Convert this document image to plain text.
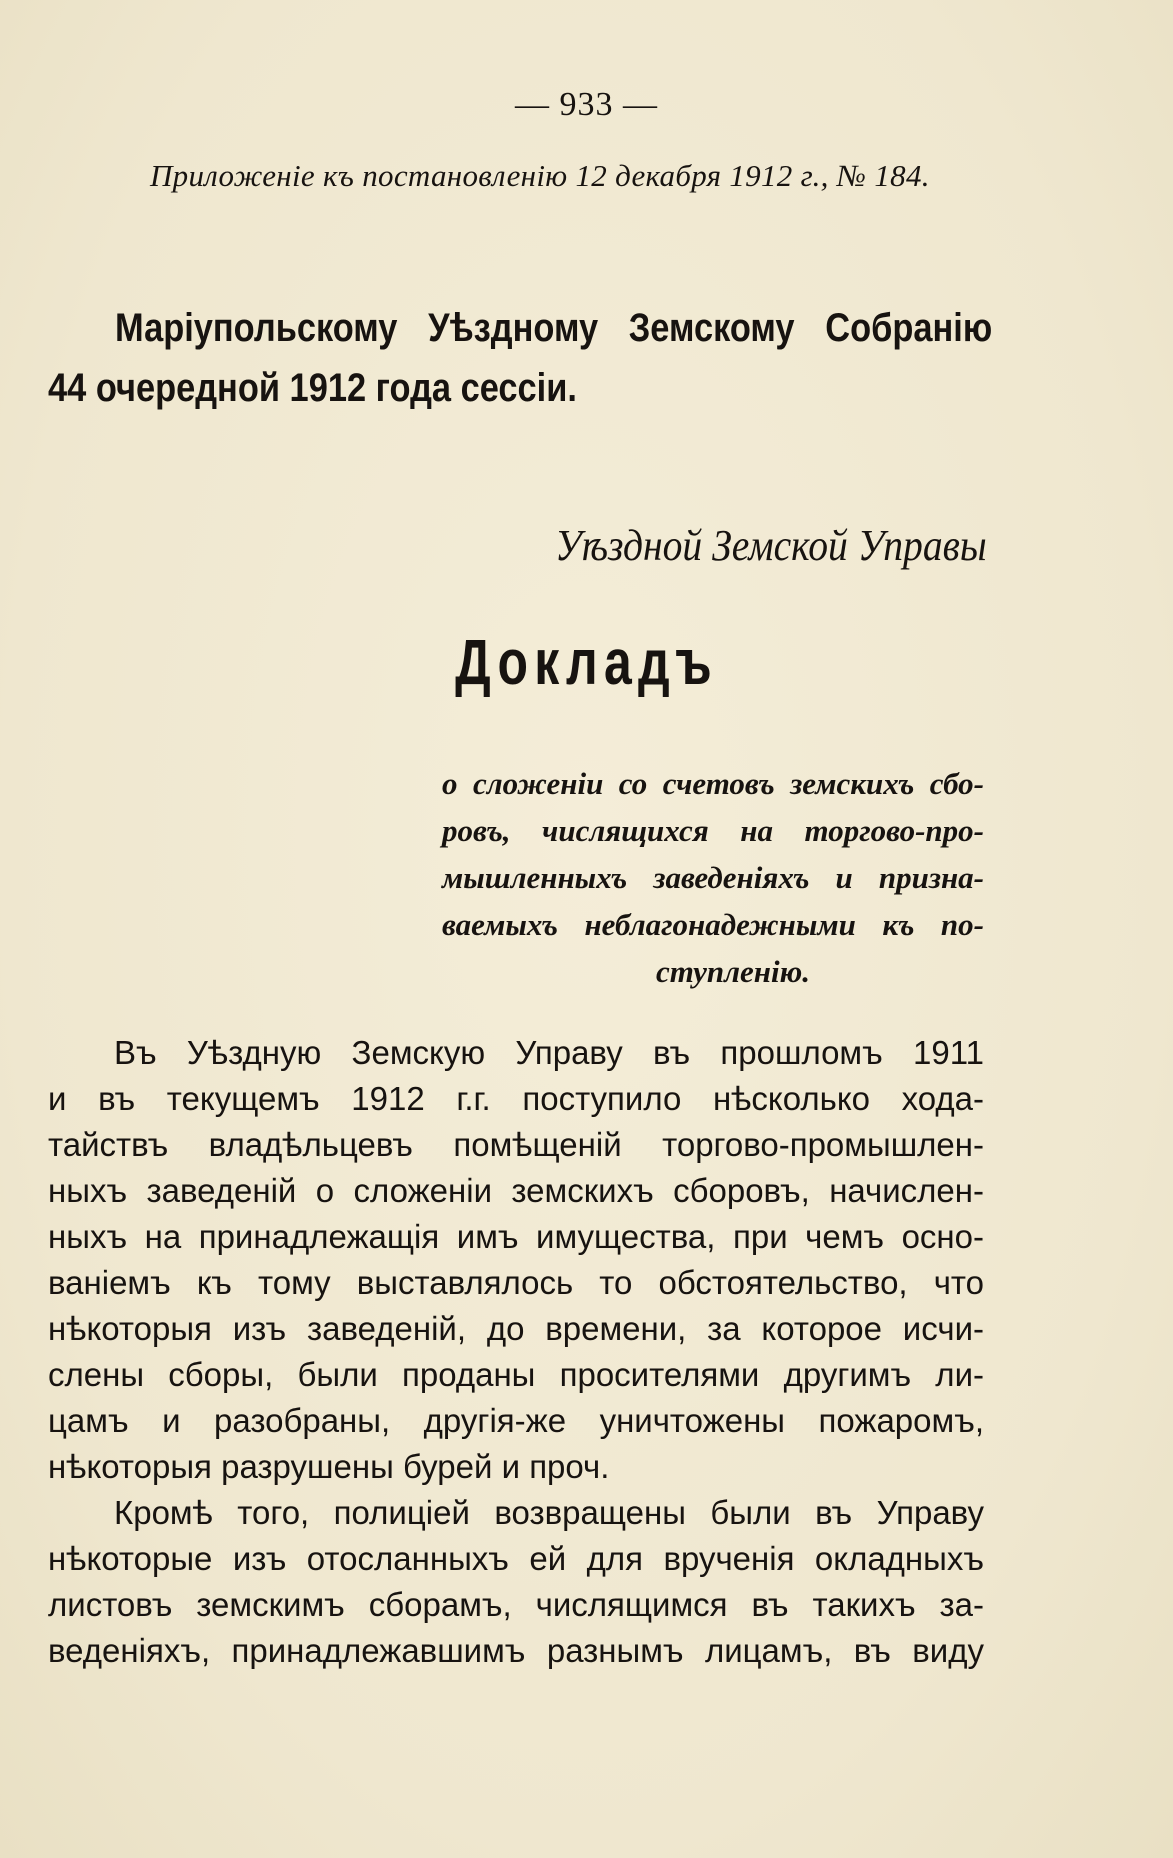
— 933 —
Приложеніе къ постановленію 12 декабря 1912 г., № 184.
Маріупольскому Уѣздному Земскому Собранію
44 очередной 1912 года сессіи.
Уѣздной Земской Управы
Докладъ
о сложеніи со счетовъ земскихъ сбо-
ровъ, числящихся на торгово-про-
мышленныхъ заведеніяхъ и призна-
ваемыхъ неблагонадежными къ по-
ступленію.
Въ Уѣздную Земскую Управу въ прошломъ 1911
и въ текущемъ 1912 г.г. поступило нѣсколько хода-
тайствъ владѣльцевъ помѣщеній торгово-промышлен-
ныхъ заведеній о сложеніи земскихъ сборовъ, начислен-
ныхъ на принадлежащія имъ имущества, при чемъ осно-
ваніемъ къ тому выставлялось то обстоятельство, что
нѣкоторыя изъ заведеній, до времени, за которое исчи-
слены сборы, были проданы просителями другимъ ли-
цамъ и разобраны, другія-же уничтожены пожаромъ,
нѣкоторыя разрушены бурей и проч.
Кромѣ того, полиціей возвращены были въ Управу
нѣкоторые изъ отосланныхъ ей для врученія окладныхъ
листовъ земскимъ сборамъ, числящимся въ такихъ за-
веденіяхъ, принадлежавшимъ разнымъ лицамъ, въ виду
